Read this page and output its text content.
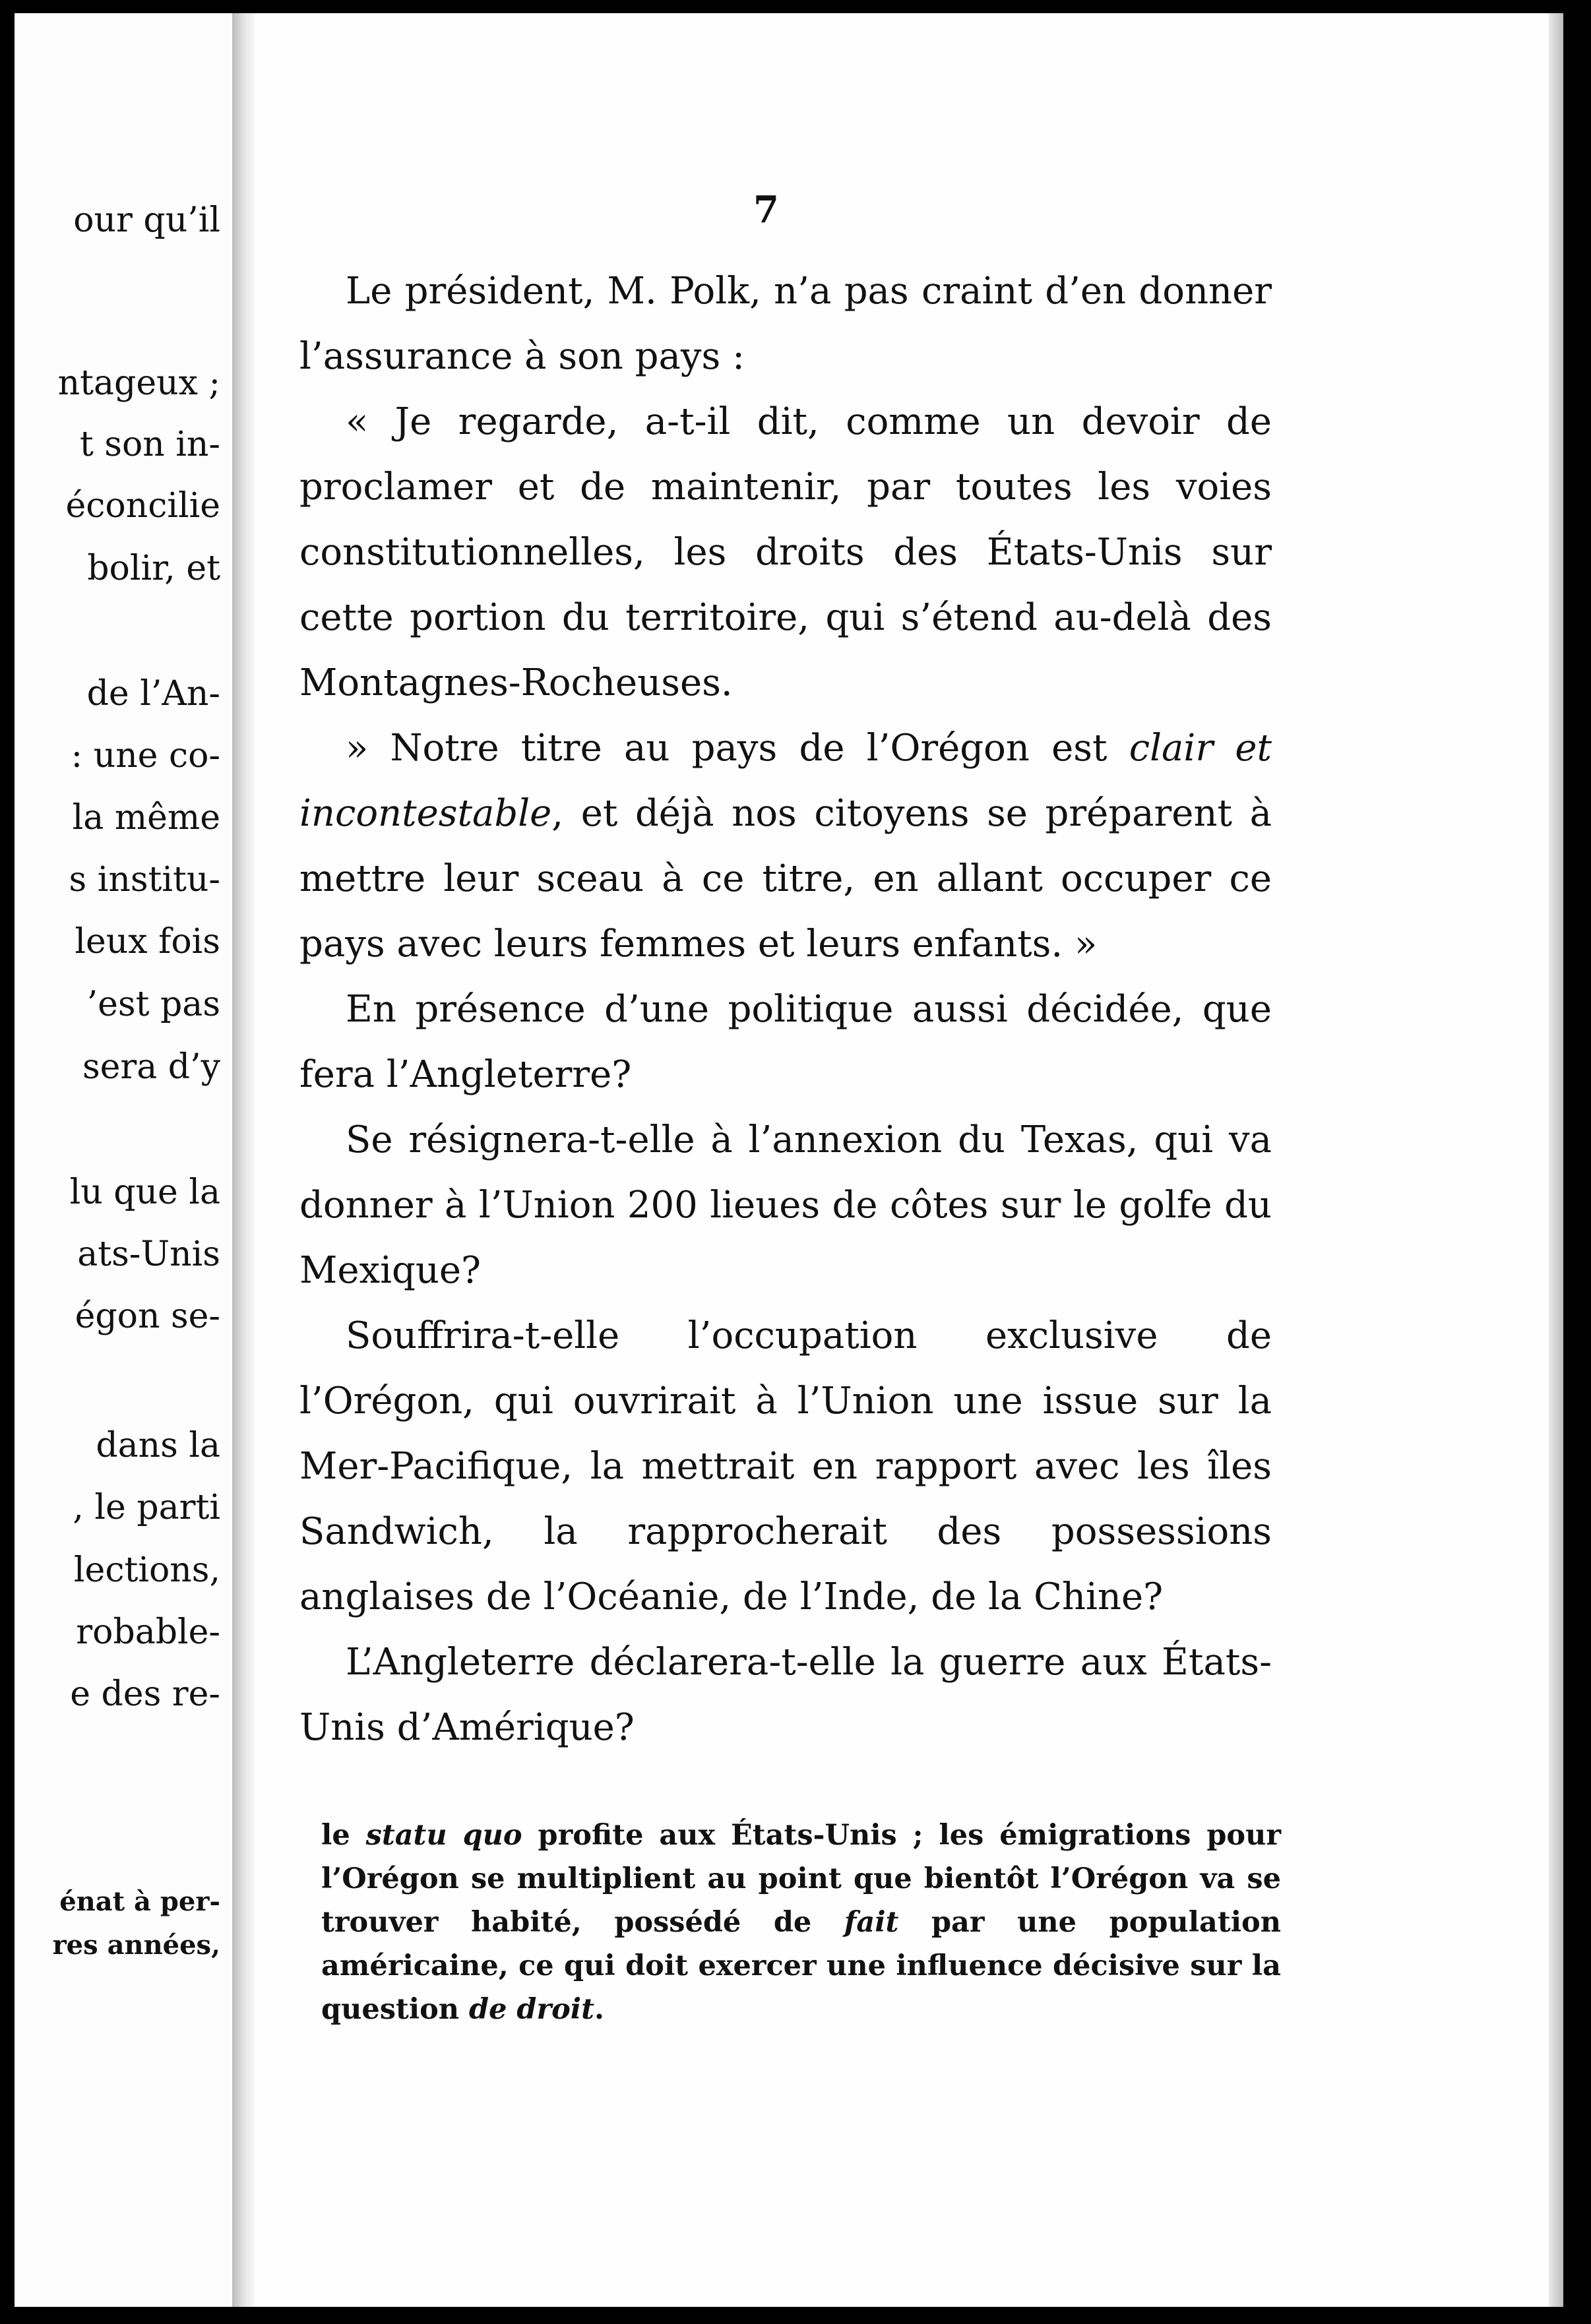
our qu’il
ntageux ;
t son in-
éconcilie
bolir, et
de l’An-
: une co-
la même
s institu-
leux fois
’est pas
sera d’y
lu que la
ats-Unis
égon se-
dans la
, le parti
lections,
robable-
e des re-
énat à per-
res années,
7

Le président, M. Polk, n’a pas craint d’en donner l’assurance à son pays :

« Je regarde, a-t-il dit, comme un devoir de proclamer et de maintenir, par toutes les voies constitutionnelles, les droits des États-Unis sur cette portion du territoire, qui s’étend au-delà des Montagnes-Rocheuses.

» Notre titre au pays de l’Orégon est clair et incontestable, et déjà nos citoyens se préparent à mettre leur sceau à ce titre, en allant occuper ce pays avec leurs femmes et leurs enfants. »

En présence d’une politique aussi décidée, que fera l’Angleterre?

Se résignera-t-elle à l’annexion du Texas, qui va donner à l’Union 200 lieues de côtes sur le golfe du Mexique?

Souffrira-t-elle l’occupation exclusive de l’Orégon, qui ouvrirait à l’Union une issue sur la Mer-Pacifique, la mettrait en rapport avec les îles Sandwich, la rapprocherait des possessions anglaises de l’Océanie, de l’Inde, de la Chine?

L’Angleterre déclarera-t-elle la guerre aux États-Unis d’Amérique?

le statu quo profite aux États-Unis ; les émigrations pour l’Orégon se multiplient au point que bientôt l’Orégon va se trouver habité, possédé de fait par une population américaine, ce qui doit exercer une influence décisive sur la question de droit.
